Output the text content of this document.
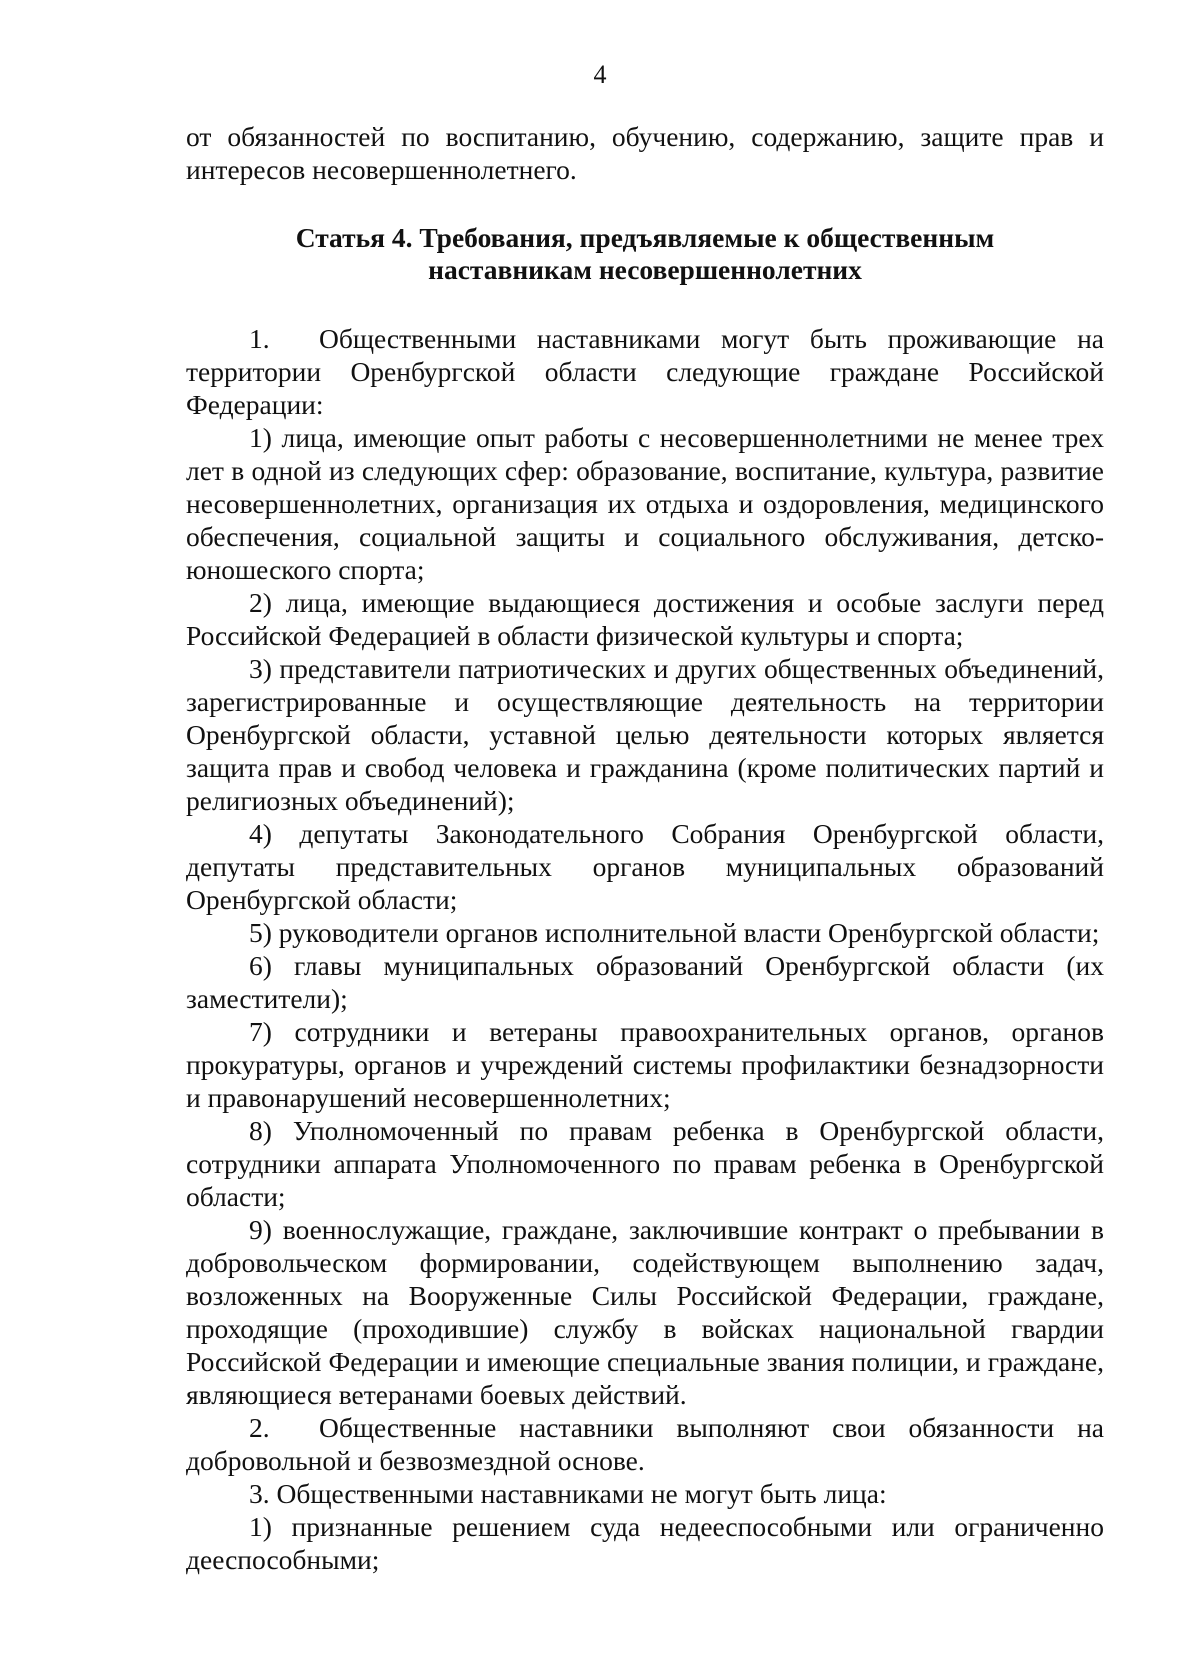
4

от обязанностей по воспитанию, обучению, содержанию, защите прав и интересов несовершеннолетнего.

Статья 4. Требования, предъявляемые к общественным
наставникам несовершеннолетних

1. Общественными наставниками могут быть проживающие на территории Оренбургской области следующие граждане Российской Федерации:

1) лица, имеющие опыт работы с несовершеннолетними не менее трех лет в одной из следующих сфер: образование, воспитание, культура, развитие несовершеннолетних, организация их отдыха и оздоровления, медицинского обеспечения, социальной защиты и социального обслуживания, детско-юношеского спорта;

2) лица, имеющие выдающиеся достижения и особые заслуги перед Российской Федерацией в области физической культуры и спорта;

3) представители патриотических и других общественных объединений, зарегистрированные и осуществляющие деятельность на территории Оренбургской области, уставной целью деятельности которых является защита прав и свобод человека и гражданина (кроме политических партий и религиозных объединений);

4) депутаты Законодательного Собрания Оренбургской области, депутаты представительных органов муниципальных образований Оренбургской области;

5) руководители органов исполнительной власти Оренбургской области;

6) главы муниципальных образований Оренбургской области (их заместители);

7) сотрудники и ветераны правоохранительных органов, органов прокуратуры, органов и учреждений системы профилактики безнадзорности и правонарушений несовершеннолетних;

8) Уполномоченный по правам ребенка в Оренбургской области, сотрудники аппарата Уполномоченного по правам ребенка в Оренбургской области;

9) военнослужащие, граждане, заключившие контракт о пребывании в добровольческом формировании, содействующем выполнению задач, возложенных на Вооруженные Силы Российской Федерации, граждане, проходящие (проходившие) службу в войсках национальной гвардии Российской Федерации и имеющие специальные звания полиции, и граждане, являющиеся ветеранами боевых действий.

2. Общественные наставники выполняют свои обязанности на добровольной и безвозмездной основе.

3. Общественными наставниками не могут быть лица:

1) признанные решением суда недееспособными или ограниченно дееспособными;
